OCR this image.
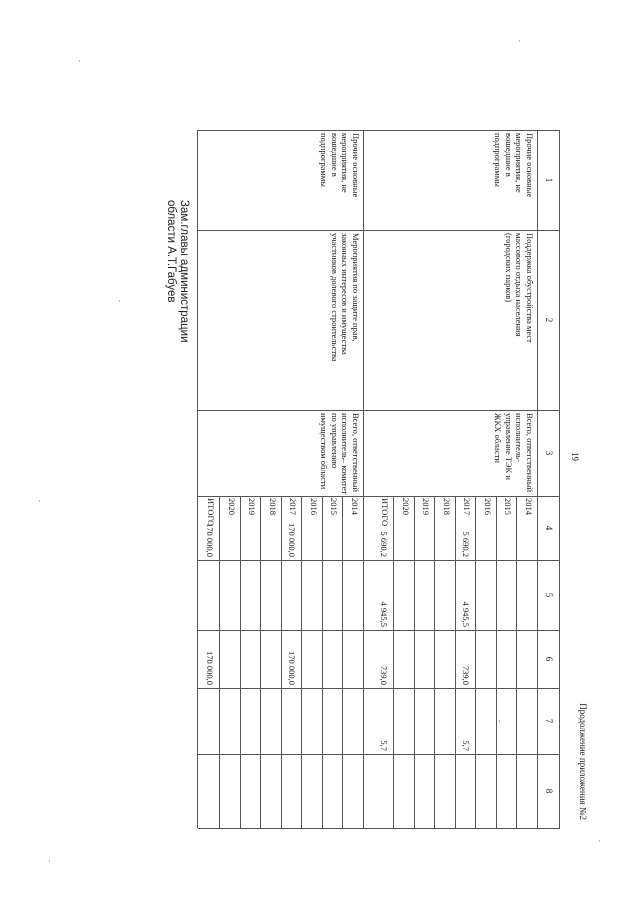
Продолжение приложения №2
19
1
2
3
4
5
6
7
8
Прочие основные
мероприятия, не
вошедшие в
подпрограммы
Поддержка обустройства мест
массового отдыха населения
(городских парков)
Всего, ответственный
исполнитель-
управление ТЭК и
ЖКХ области
2014
2015
2016
2017
5 690,2
4 945,5
739,0
5,7
2018
2019
2020
ИТОГО
5 690,2
4 945,5
739,0
5,7
Прочие основные
мероприятия, не
вошедшие в
подпрограммы
Мероприятия по защите прав,
законных интересов и имущества
участников долевого строительства
Всего, ответственный
исполнитель– комитет
по управлению
имуществом области
2014
2015
2016
2017
170 000,0
170 000,0
2018
2019
2020
ИТОГО
170 000,0
170 000,0
Зам.главы администрации
области А.Т.Габуев
